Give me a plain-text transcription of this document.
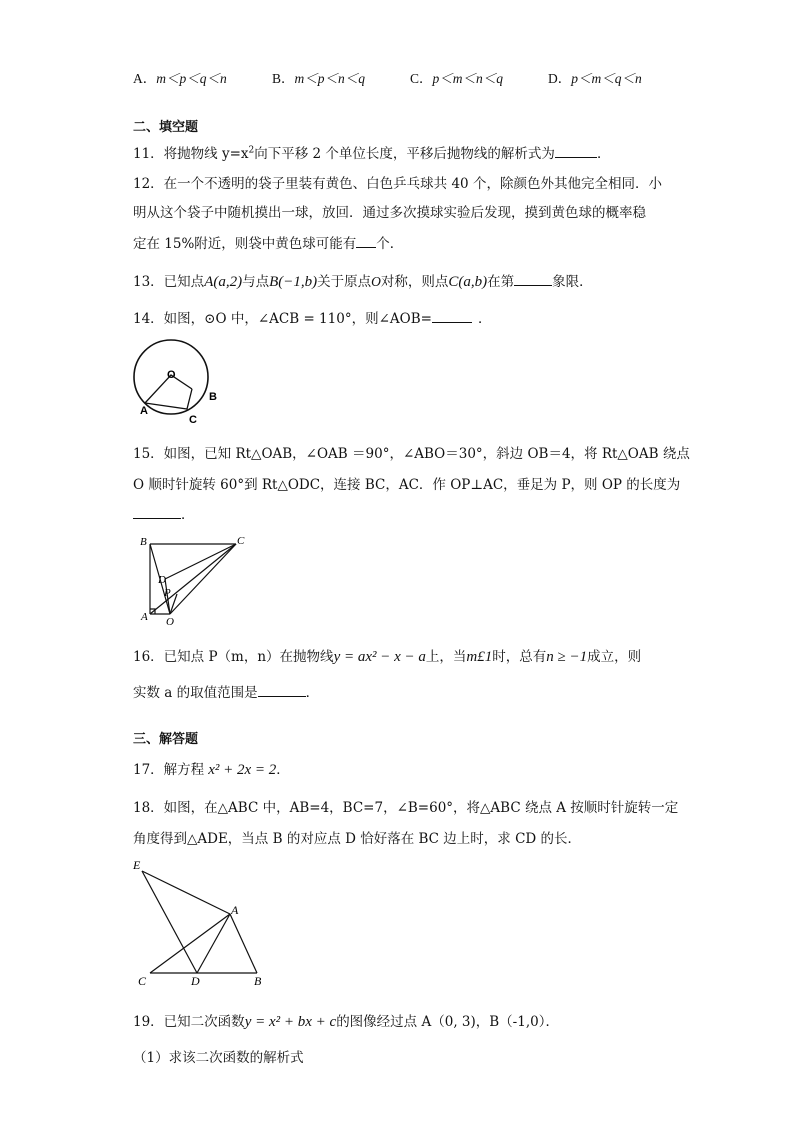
A．m＜p＜q＜n	B．m＜p＜n＜q	C．p＜m＜n＜q	D．p＜m＜q＜n
二、填空题
11．将抛物线 $y=x^2$向下平移 2 个单位长度，平移后抛物线的解析式为	．
12．在一个不透明的袋子里装有黄色、白色乒乓球共 40 个，除颜色外其他完全相同．小
明从这个袋子中随机摸出一球，放回．通过多次摸球实验后发现，摸到黄色球的概率稳
定在 15%附近，则袋中黄色球可能有 个．
13．已知点A(a,2)与点B(−1,b)关于原点O对称，则点C(a,b)在第	象限．
14．如图，⊙O 中，∠ACB = 110°，则∠AOB=	．
O
A
B
C
15．如图，已知 Rt△OAB，∠OAB ＝90°，∠ABO＝30°，斜边 OB＝4，将 Rt△OAB 绕点
O 顺时针旋转 60°到 Rt△ODC，连接 BC，AC．作 OP⊥AC，垂足为 P，则 OP 的长度为
．
B	C
D
P
A O
16．已知点 P（m，n）在抛物线y = ax² − x − a上，当m£1时，总有n ≥ −1成立，则
实数 a 的取值范围是	．
三、解答题
17．解方程 x² + 2x = 2．
18．如图，在△ABC 中，AB=4，BC=7，∠B=60°，将△ABC 绕点 A 按顺时针旋转一定
角度得到△ADE，当点 B 的对应点 D 恰好落在 BC 边上时，求 CD 的长．
E
A
C	D	B
19．已知二次函数y = x² + bx + c的图像经过点 A（0, 3)，B（-1,0）．
（1）求该二次函数的解析式
